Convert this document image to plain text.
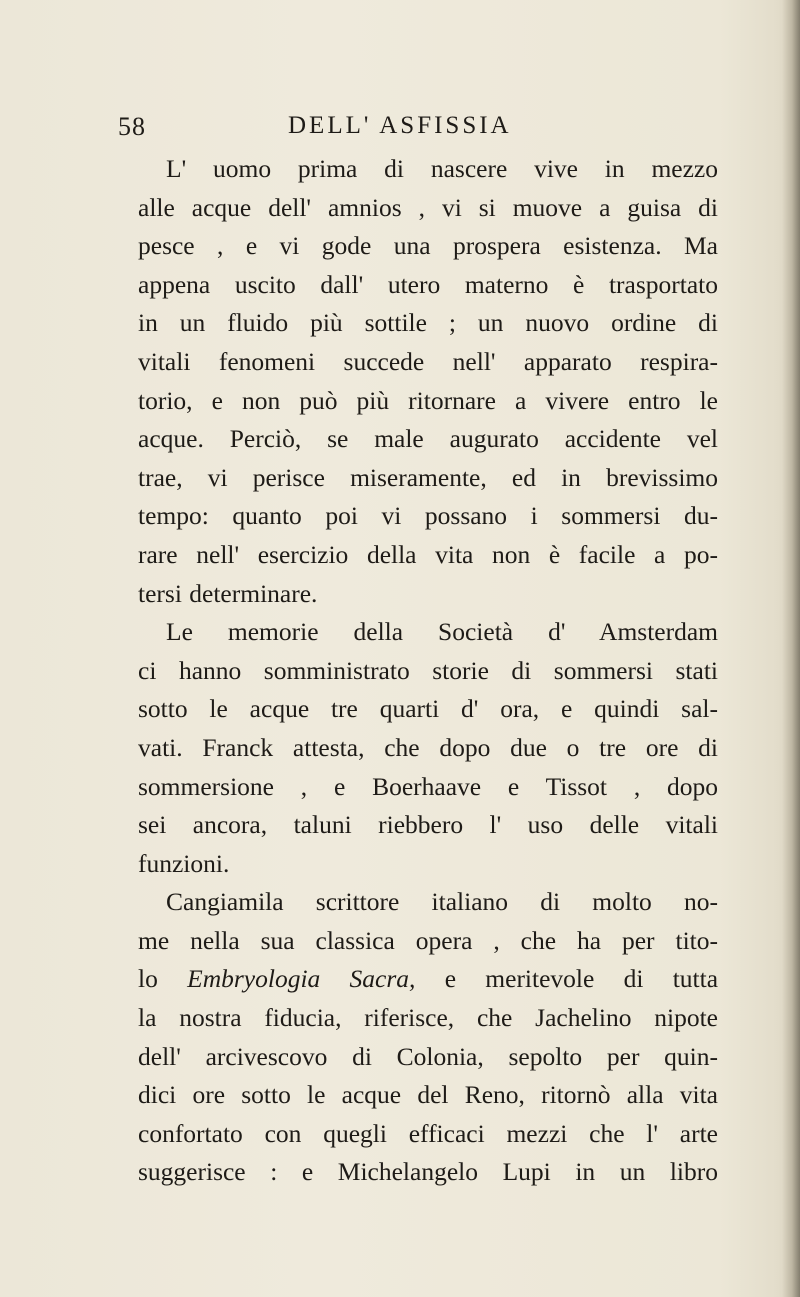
58	DELL' ASFISSIA
L' uomo prima di nascere vive in mezzo
alle acque dell' amnios , vi si muove a guisa di
pesce , e vi gode una prospera esistenza. Ma
appena uscito dall' utero materno è trasportato
in un fluido più sottile ; un nuovo ordine di
vitali fenomeni succede nell' apparato respira-
torio, e non può più ritornare a vivere entro le
acque. Perciò, se male augurato accidente vel
trae, vi perisce miseramente, ed in brevissimo
tempo: quanto poi vi possano i sommersi du-
rare nell' esercizio della vita non è facile a po-
tersi determinare.
Le memorie della Società d' Amsterdam
ci hanno somministrato storie di sommersi stati
sotto le acque tre quarti d' ora, e quindi sal-
vati. Franck attesta, che dopo due o tre ore di
sommersione , e Boerhaave e Tissot , dopo
sei ancora, taluni riebbero l' uso delle vitali
funzioni.
Cangiamila scrittore italiano di molto no-
me nella sua classica opera , che ha per tito-
lo Embryologia Sacra, e meritevole di tutta
la nostra fiducia, riferisce, che Jachelino nipote
dell' arcivescovo di Colonia, sepolto per quin-
dici ore sotto le acque del Reno, ritornò alla vita
confortato con quegli efficaci mezzi che l' arte
suggerisce : e Michelangelo Lupi in un libro
